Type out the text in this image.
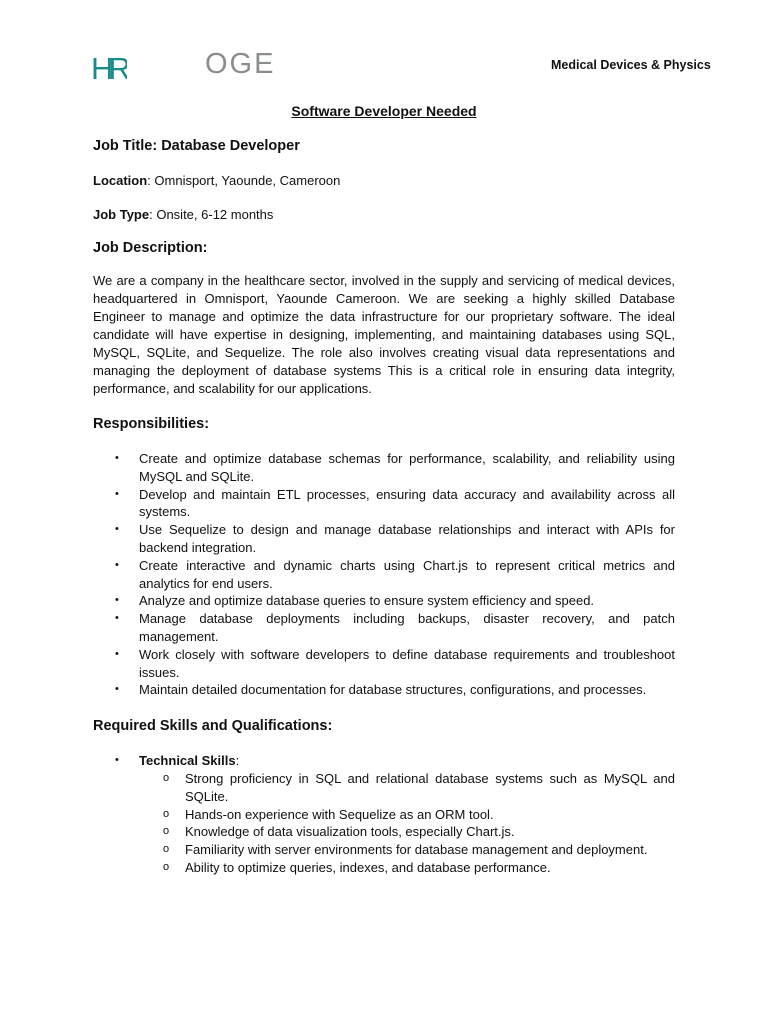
HR	OGE	Medical Devices & Physics
Software Developer Needed

Job Title: Database Developer

Location: Omnisport, Yaounde, Cameroon

Job Type: Onsite, 6-12 months

Job Description:

We are a company in the healthcare sector, involved in the supply and servicing of medical devices, headquartered in Omnisport, Yaounde Cameroon. We are seeking a highly skilled Database Engineer to manage and optimize the data infrastructure for our proprietary software. The ideal candidate will have expertise in designing, implementing, and maintaining databases using SQL, MySQL, SQLite, and Sequelize. The role also involves creating visual data representations and managing the deployment of database systems This is a critical role in ensuring data integrity, performance, and scalability for our applications.

Responsibilities:

• Create and optimize database schemas for performance, scalability, and reliability using MySQL and SQLite.
• Develop and maintain ETL processes, ensuring data accuracy and availability across all systems.
• Use Sequelize to design and manage database relationships and interact with APIs for backend integration.
• Create interactive and dynamic charts using Chart.js to represent critical metrics and analytics for end users.
• Analyze and optimize database queries to ensure system efficiency and speed.
• Manage database deployments including backups, disaster recovery, and patch management.
• Work closely with software developers to define database requirements and troubleshoot issues.
• Maintain detailed documentation for database structures, configurations, and processes.

Required Skills and Qualifications:

• Technical Skills:
o Strong proficiency in SQL and relational database systems such as MySQL and SQLite.
o Hands-on experience with Sequelize as an ORM tool.
o Knowledge of data visualization tools, especially Chart.js.
o Familiarity with server environments for database management and deployment.
o Ability to optimize queries, indexes, and database performance.
